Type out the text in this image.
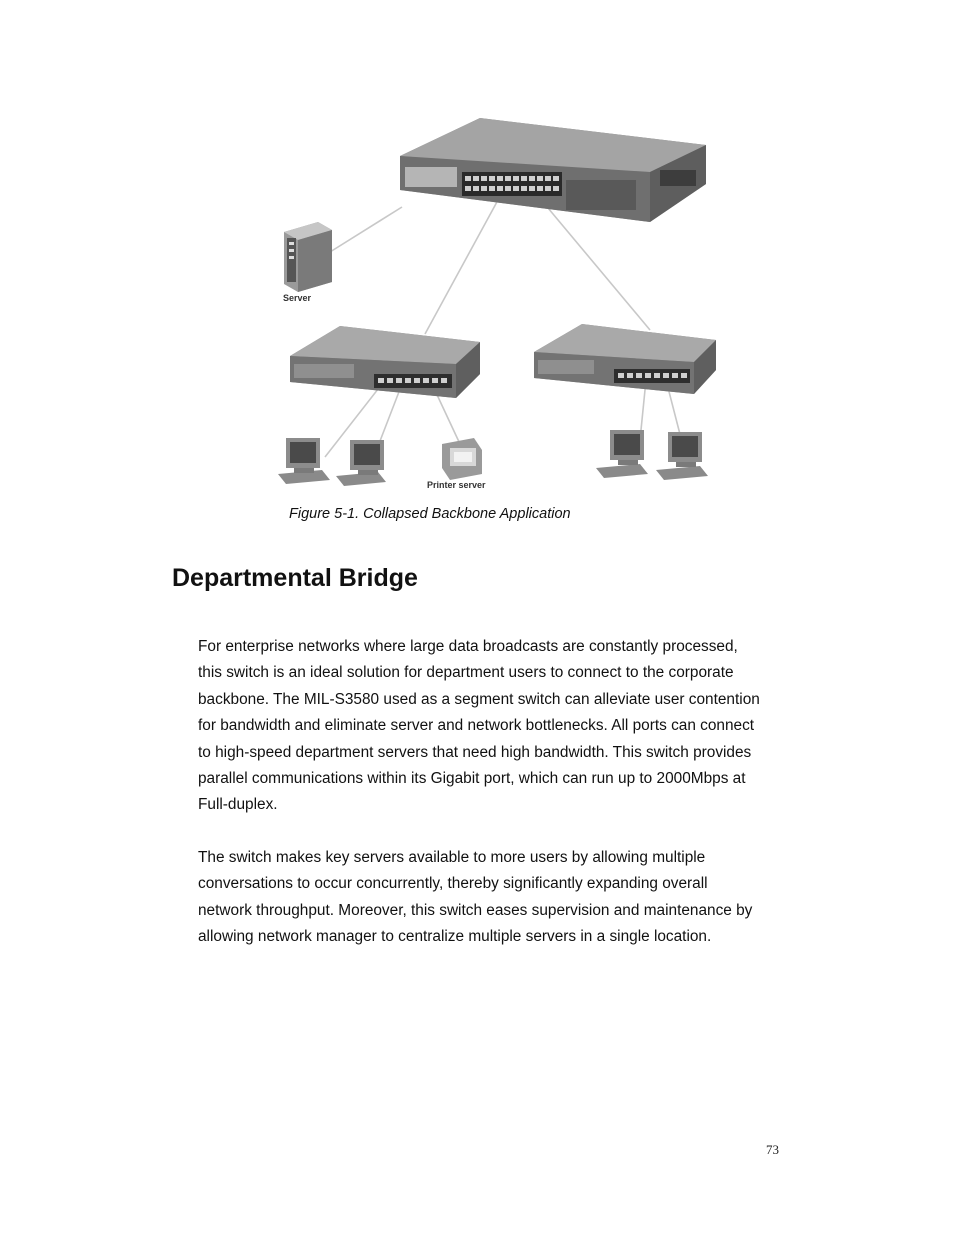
Server
Printer server
Figure 5-1. Collapsed Backbone Application
Departmental Bridge

For enterprise networks where large data broadcasts are constantly processed,

this switch is an ideal solution for department users to connect to the corporate

backbone. The MIL-S3580 used as a segment switch can alleviate user contention

for bandwidth and eliminate server and network bottlenecks. All ports can connect

to high-speed department servers that need high bandwidth. This switch provides

parallel communications within its Gigabit port, which can run up to 2000Mbps at

Full-duplex.

The switch makes key servers available to more users by allowing multiple

conversations to occur concurrently, thereby significantly expanding overall

network throughput. Moreover, this switch eases supervision and maintenance by

allowing network manager to centralize multiple servers in a single location.

73
